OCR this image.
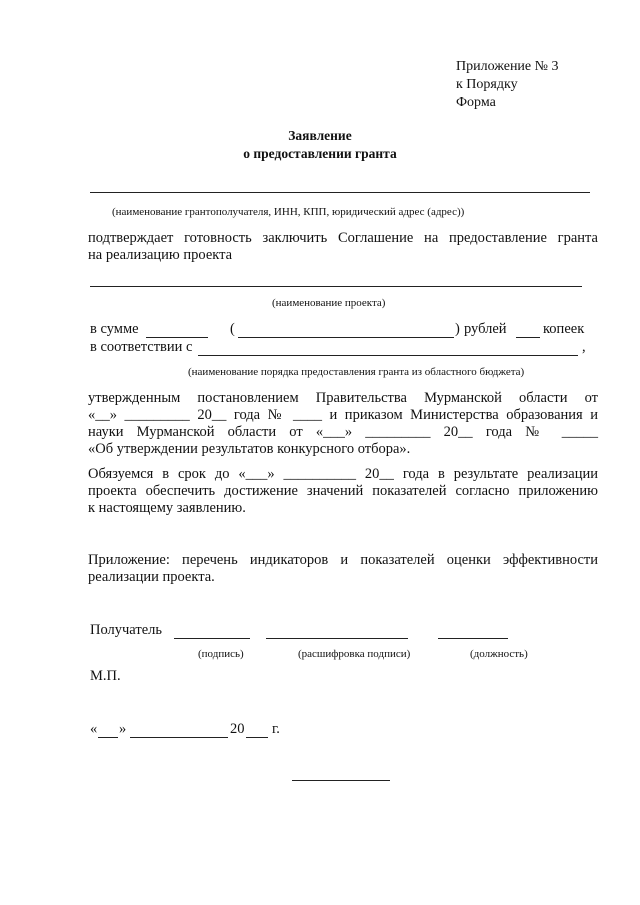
Приложение № 3
к Порядку
Форма
Заявление
о предоставлении гранта
(наименование грантополучателя, ИНН, КПП, юридический адрес (адрес))
подтверждает готовность заключить Соглашение на предоставление гранта
на реализацию проекта
(наименование проекта)
в сумме	(	) рублей	копеек
в соответствии с	,
(наименование порядка предоставления гранта из областного бюджета)
утвержденным постановлением Правительства Мурманской области от
«__» _________ 20__ года № ____ и приказом Министерства образования и
науки Мурманской области от «___» _________ 20__ года № _____
«Об утверждении результатов конкурсного отбора».
Обязуемся в срок до «___» __________ 20__ года в результате реализации
проекта обеспечить достижение значений показателей согласно приложению
к настоящему заявлению.
Приложение: перечень индикаторов и показателей оценки эффективности
реализации проекта.
Получатель
(подпись)	(расшифровка подписи)	(должность)
М.П.
« »	20 г.
